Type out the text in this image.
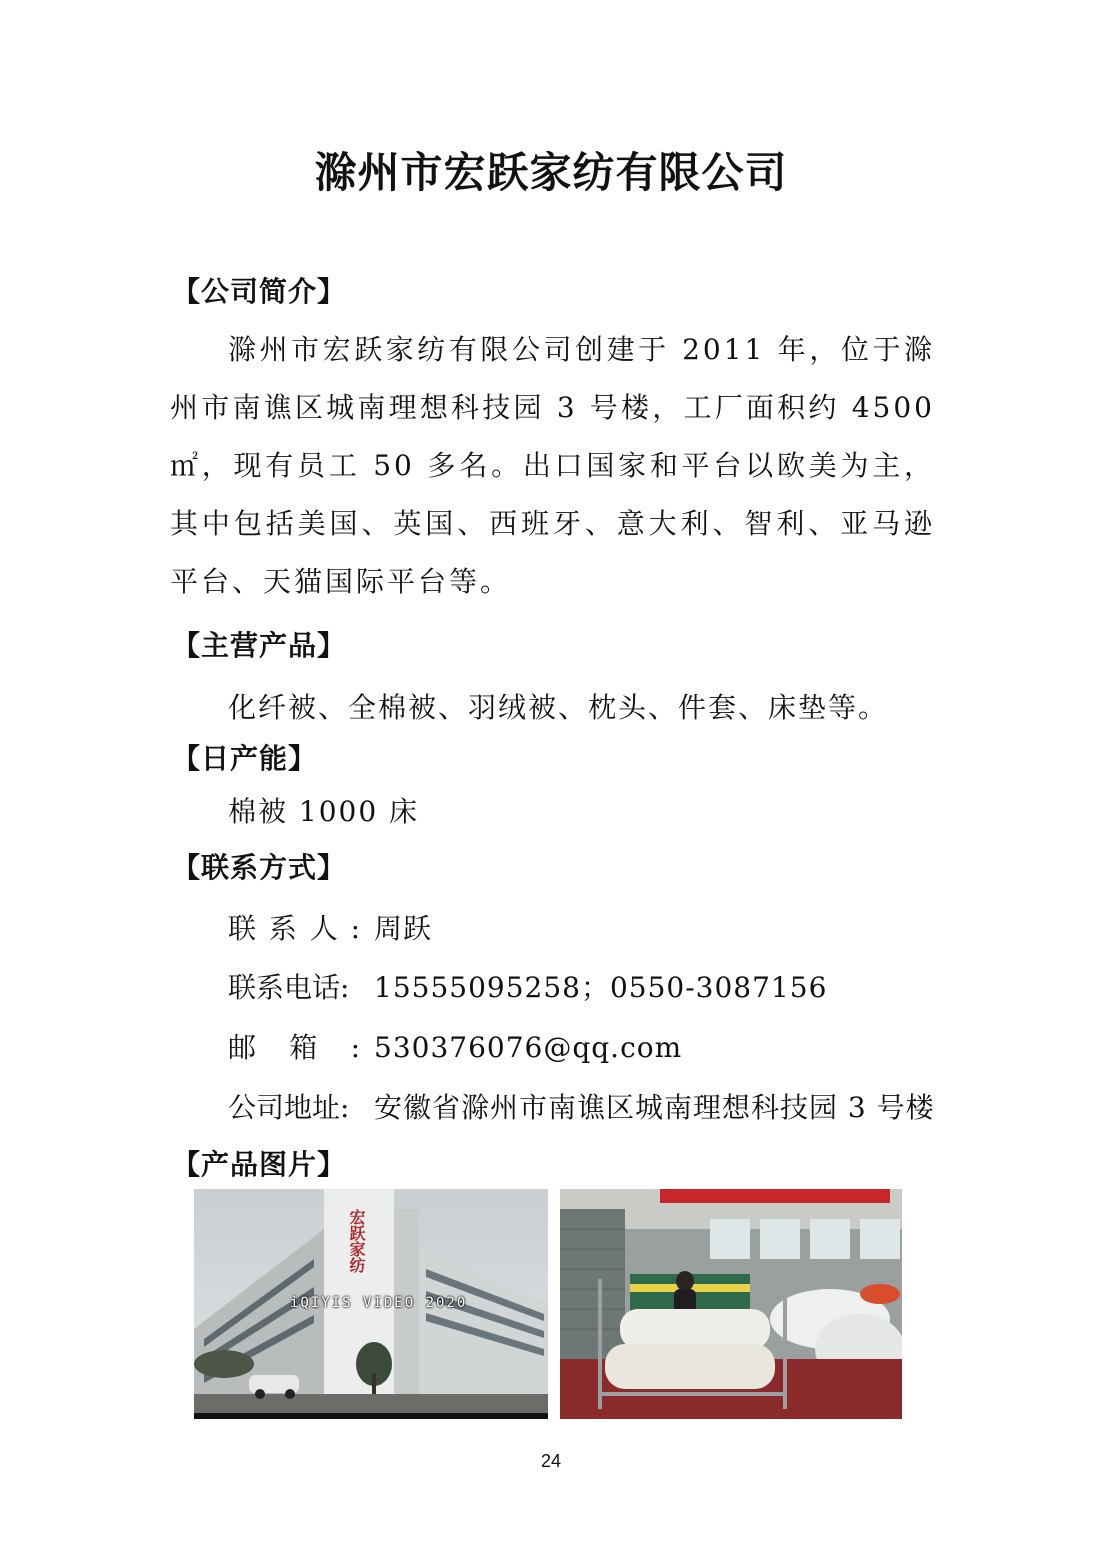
滁州市宏跃家纺有限公司
【公司简介】

滁州市宏跃家纺有限公司创建于 2011 年，位于滁州市南谯区城南理想科技园 3 号楼，工厂面积约 4500 ㎡，现有员工 50 多名。出口国家和平台以欧美为主，其中包括美国、英国、西班牙、意大利、智利、亚马逊平台、天猫国际平台等。

【主营产品】
化纤被、全棉被、羽绒被、枕头、件套、床垫等。
【日产能】
棉被 1000 床
【联系方式】
联系人: 周跃
联系电话: 15555095258；0550-3087156
邮箱: 530376076@qq.com
公司地址: 安徽省滁州市南谯区城南理想科技园 3 号楼
【产品图片】
宏跃家纺
iQIYIS VIDEO 2020
24
